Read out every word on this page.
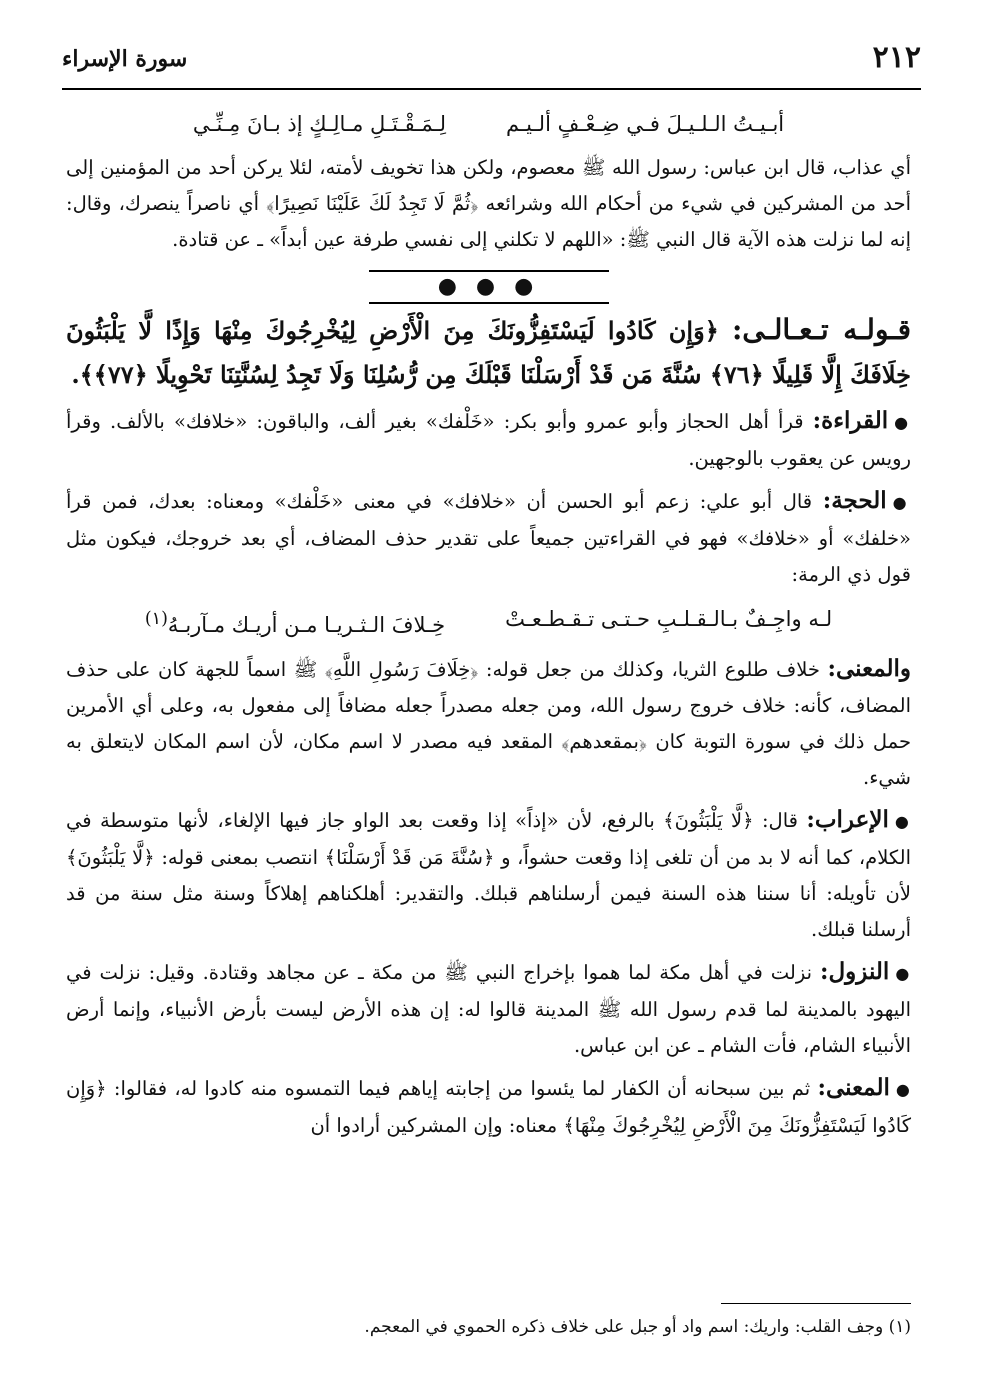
٢١٢
سورة الإسراء
أبـيـتُ الـلـيـلَ فـي ضِـعْـفٍ ألـيـم
لِـمَـقْـتَـلِ مـالِـكٍ إذ بـانَ مِـنِّـي

أي عذاب، قال ابن عباس: رسول الله ﷺ معصوم، ولكن هذا تخويف لأمته، لئلا يركن أحد من المؤمنين إلى أحد من المشركين في شيء من أحكام الله وشرائعه ﴿ثُمَّ لَا تَجِدُ لَكَ عَلَيْنَا نَصِيرًا﴾ أي ناصراً ينصرك، وقال: إنه لما نزلت هذه الآية قال النبي ﷺ: «اللهم لا تكلني إلى نفسي طرفة عين أبداً» ـ عن قتادة.

● ● ●

قـولـه تـعـالـى: ﴿وَإِن كَادُوا لَيَسْتَفِزُّونَكَ مِنَ الْأَرْضِ لِيُخْرِجُوكَ مِنْهَا وَإِذًا لَّا يَلْبَثُونَ خِلَافَكَ إِلَّا قَلِيلًا ﴿٧٦﴾ سُنَّةَ مَن قَدْ أَرْسَلْنَا قَبْلَكَ مِن رُّسُلِنَا وَلَا تَجِدُ لِسُنَّتِنَا تَحْوِيلًا ﴿٧٧﴾﴾.

●القراءة: قرأ أهل الحجاز وأبو عمرو وأبو بكر: «خَلْفك» بغير ألف، والباقون: «خلافك» بالألف. وقرأ رويس عن يعقوب بالوجهين.

●الحجة: قال أبو علي: زعم أبو الحسن أن «خلافك» في معنى «خَلْفك» ومعناه: بعدك، فمن قرأ «خلفك» أو «خلافك» فهو في القراءتين جميعاً على تقدير حذف المضاف، أي بعد خروجك، فيكون مثل قول ذي الرمة:

لـه واجِـفٌ بـالـقـلـبِ حـتـى تـقـطـعـتْ
خِـلافَ الـثـريـا مـن أريـك مـآربـهُ$^{(١)}$

والمعنى: خلاف طلوع الثريا، وكذلك من جعل قوله: ﴿خِلَافَ رَسُولِ اللَّهِ﴾ ﷺ اسماً للجهة كان على حذف المضاف، كأنه: خلاف خروج رسول الله، ومن جعله مصدراً جعله مضافاً إلى مفعول به، وعلى أي الأمرين حمل ذلك في سورة التوبة كان ﴿بمقعدهم﴾ المقعد فيه مصدر لا اسم مكان، لأن اسم المكان لايتعلق به شيء.

●الإعراب: قال: ﴿لَّا يَلْبَثُونَ﴾ بالرفع، لأن «إذاً» إذا وقعت بعد الواو جاز فيها الإلغاء، لأنها متوسطة في الكلام، كما أنه لا بد من أن تلغى إذا وقعت حشواً، و ﴿سُنَّةَ مَن قَدْ أَرْسَلْنَا﴾ انتصب بمعنى قوله: ﴿لَّا يَلْبَثُونَ﴾ لأن تأويله: أنا سننا هذه السنة فيمن أرسلناهم قبلك. والتقدير: أهلكناهم إهلاكاً وسنة مثل سنة من قد أرسلنا قبلك.

●النزول: نزلت في أهل مكة لما هموا بإخراج النبي ﷺ من مكة ـ عن مجاهد وقتادة. وقيل: نزلت في اليهود بالمدينة لما قدم رسول الله ﷺ المدينة قالوا له: إن هذه الأرض ليست بأرض الأنبياء، وإنما أرض الأنبياء الشام، فأت الشام ـ عن ابن عباس.

●المعنى: ثم بين سبحانه أن الكفار لما يئسوا من إجابته إياهم فيما التمسوه منه كادوا له، فقالوا: ﴿وَإِن كَادُوا لَيَسْتَفِزُّونَكَ مِنَ الْأَرْضِ لِيُخْرِجُوكَ مِنْهَا﴾ معناه: وإن المشركين أرادوا أن

(١) وجف القلب: واريك: اسم واد أو جبل على خلاف ذكره الحموي في المعجم.
